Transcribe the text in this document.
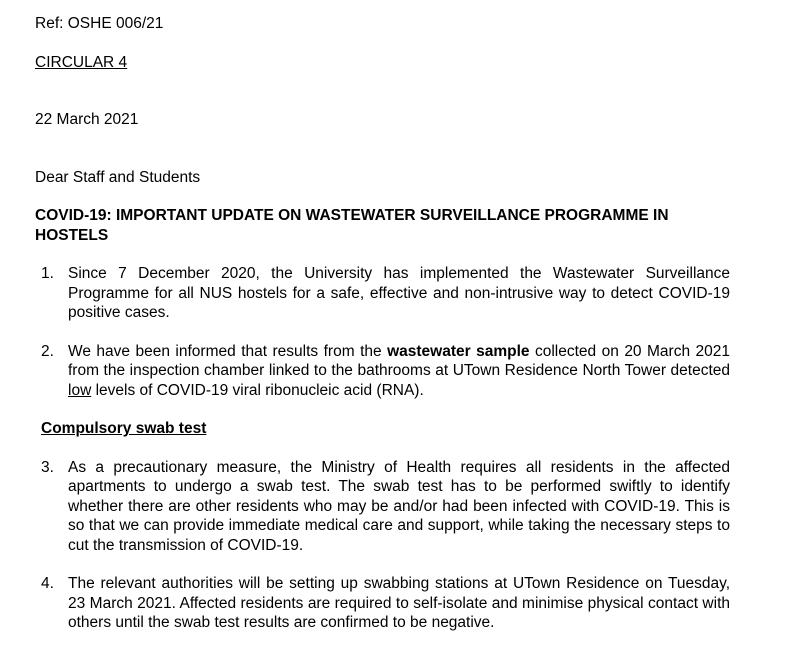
Ref: OSHE 006/21

CIRCULAR 4

22 March 2021

Dear Staff and Students

COVID-19: IMPORTANT UPDATE ON WASTEWATER SURVEILLANCE PROGRAMME IN HOSTELS

1. Since 7 December 2020, the University has implemented the Wastewater Surveillance Programme for all NUS hostels for a safe, effective and non-intrusive way to detect COVID-19 positive cases.
2. We have been informed that results from the wastewater sample collected on 20 March 2021 from the inspection chamber linked to the bathrooms at UTown Residence North Tower detected low levels of COVID-19 viral ribonucleic acid (RNA).

Compulsory swab test

3. As a precautionary measure, the Ministry of Health requires all residents in the affected apartments to undergo a swab test. The swab test has to be performed swiftly to identify whether there are other residents who may be and/or had been infected with COVID-19. This is so that we can provide immediate medical care and support, while taking the necessary steps to cut the transmission of COVID-19.
4. The relevant authorities will be setting up swabbing stations at UTown Residence on Tuesday, 23 March 2021. Affected residents are required to self-isolate and minimise physical contact with others until the swab test results are confirmed to be negative.
